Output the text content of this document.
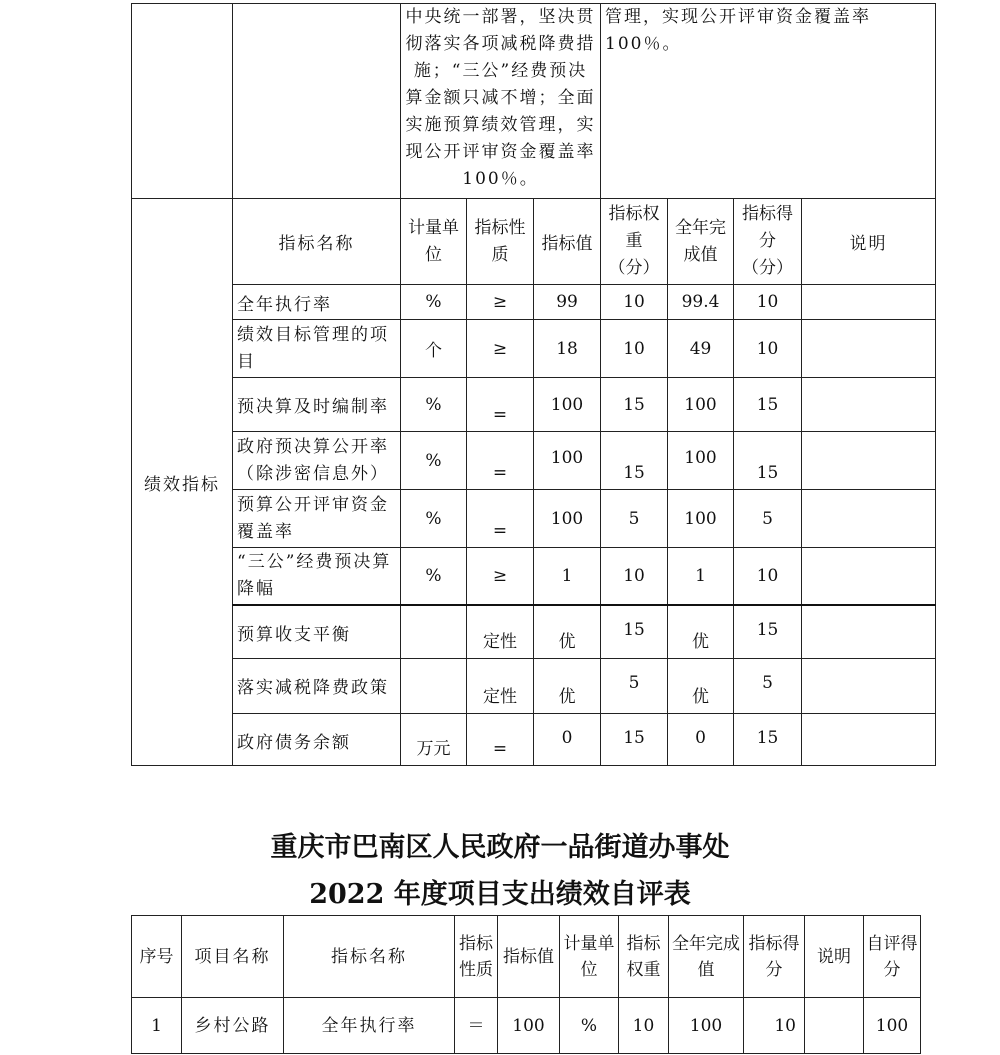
		中央统一部署，坚决贯彻落实各项减税降费措施；“三公”经费预决算金额只减不增；全面实施预算绩效管理，实现公开评审资金覆盖率100％。			管理，实现公开评审资金覆盖率100％。			
绩效指标	指标名称	计量单位	指标性质	指标值	指标权重（分）	全年完成值	指标得分（分）	说明
	全年执行率	%	≥	99	10	99.4	10	
	绩效目标管理的项目	个	≥	18	10	49	10	
	预决算及时编制率	%	=	100	15	100	15	
	政府预决算公开率（除涉密信息外）	%	=	100	15	100	15	
	预算公开评审资金覆盖率	%	=	100	5	100	5	
	“三公”经费预决算降幅	%	≥	1	10	1	10	
	预算收支平衡		定性	优	15	优	15	
	落实减税降费政策		定性	优	5	优	5	
	政府债务余额	万元	=	0	15	0	15	
重庆市巴南区人民政府一品街道办事处
2022 年度项目支出绩效自评表
序号	项目名称	指标名称	指标性质	指标值	计量单位	指标权重	全年完成值	指标得分	说明	自评得分
1	乡村公路	全年执行率	＝	100	%	10	100	10		100
